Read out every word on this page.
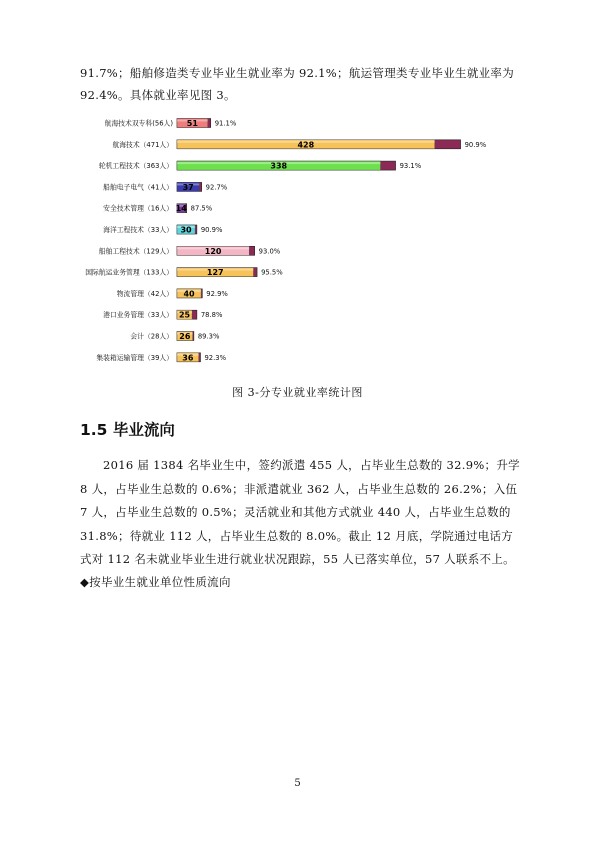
91.7%；船舶修造类专业毕业生就业率为 92.1%；航运管理类专业毕业生就业率为

92.4%。具体就业率见图 3。

航海技术双专科(56人) 51 91.1%
航海技术（471人）	428	90.9%
轮机工程技术（363人）	338	93.1%
船舶电子电气（41人） 37 92.7%
安全技术管理（16人） 14 87.5%
海洋工程技术（33人） 30 90.9%
船舶工程技术（129人）	120	93.0%
国际航运业务管理（133人）	127	95.5%
物流管理（42人） 40 92.9%
港口业务管理（33人） 25 78.8%
会计（28人） 26 89.3%
集装箱运输管理（39人） 36 92.3%
图 3-分专业就业率统计图
1.5 毕业流向

2016 届 1384 名毕业生中，签约派遣 455 人，占毕业生总数的 32.9%；升学 8 人，占毕业生总数的 0.6%；非派遣就业 362 人，占毕业生总数的 26.2%；入伍 7 人，占毕业生总数的 0.5%；灵活就业和其他方式就业 440 人，占毕业生总数的 31.8%；待就业 112 人，占毕业生总数的 8.0%。截止 12 月底，学院通过电话方式对 112 名未就业毕业生进行就业状况跟踪，55 人已落实单位，57 人联系不上。

◆按毕业生就业单位性质流向
5
